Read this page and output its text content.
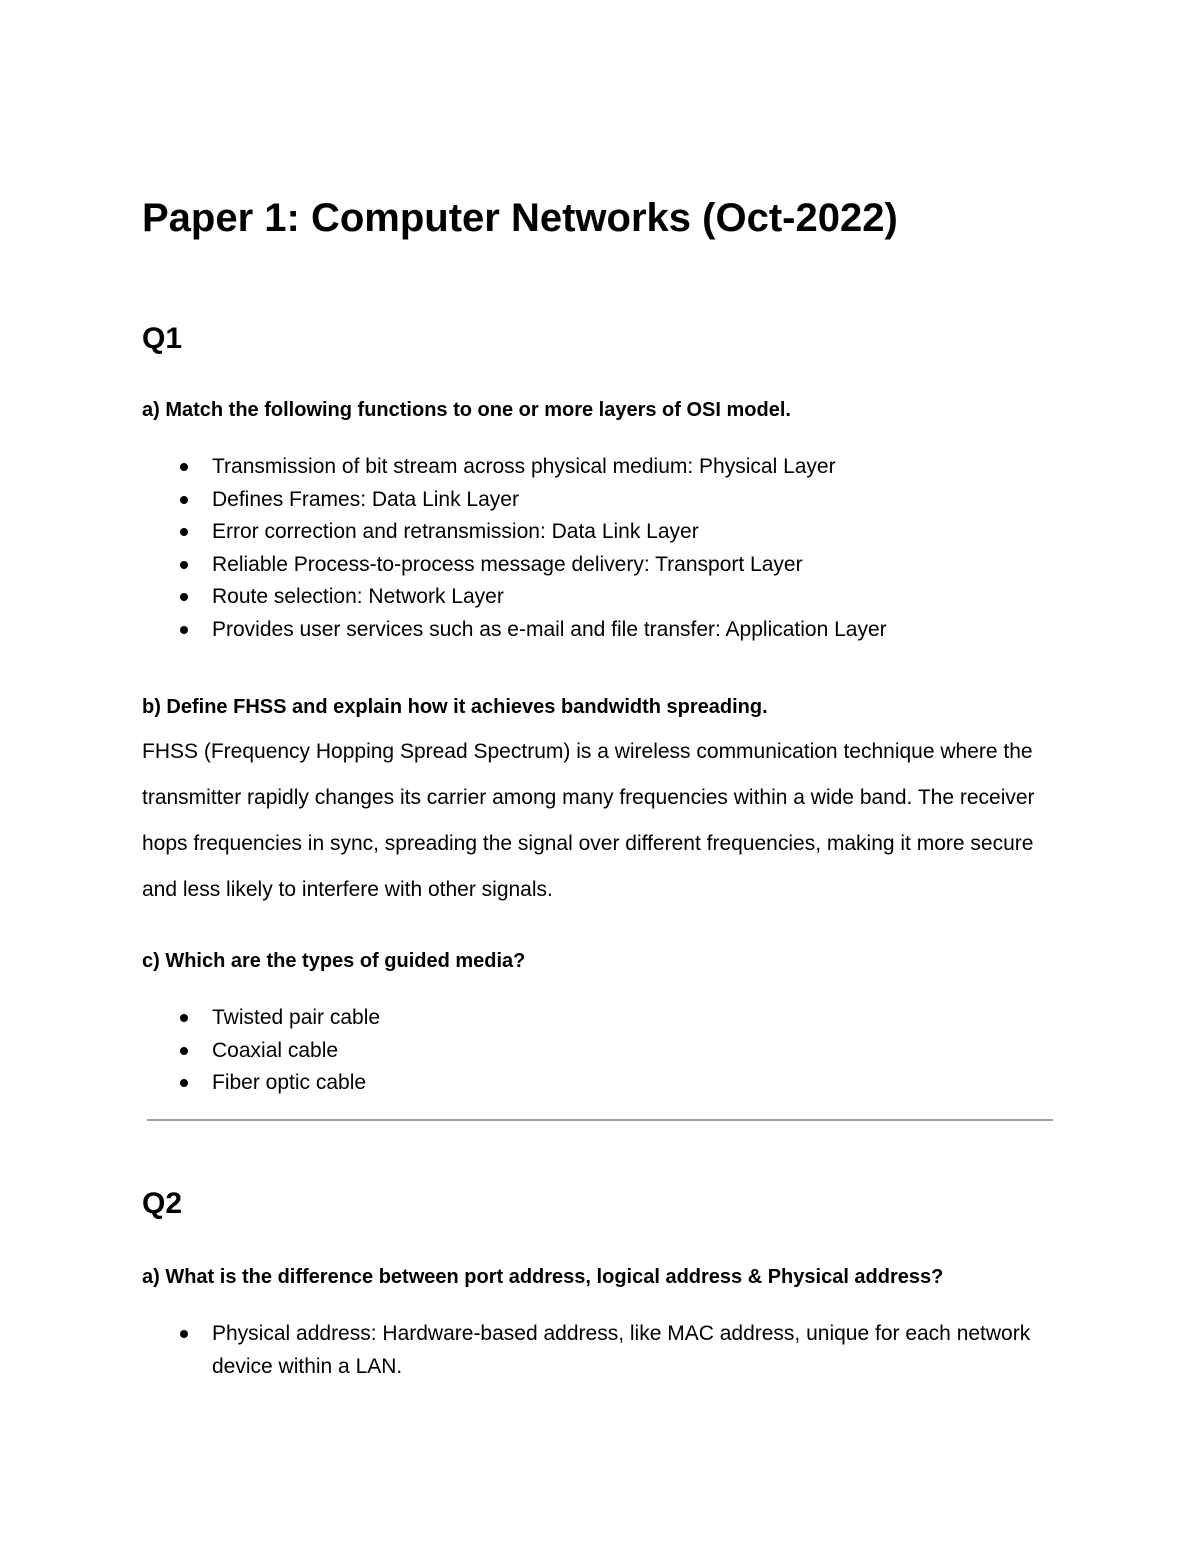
Paper 1: Computer Networks (Oct-2022)
Q1

a) Match the following functions to one or more layers of OSI model.

Transmission of bit stream across physical medium: Physical Layer
Defines Frames: Data Link Layer
Error correction and retransmission: Data Link Layer
Reliable Process-to-process message delivery: Transport Layer
Route selection: Network Layer
Provides user services such as e-mail and file transfer: Application Layer

b) Define FHSS and explain how it achieves bandwidth spreading.

FHSS (Frequency Hopping Spread Spectrum) is a wireless communication technique where the transmitter rapidly changes its carrier among many frequencies within a wide band. The receiver hops frequencies in sync, spreading the signal over different frequencies, making it more secure and less likely to interfere with other signals.

c) Which are the types of guided media?

Twisted pair cable
Coaxial cable
Fiber optic cable
Q2

a) What is the difference between port address, logical address & Physical address?

Physical address: Hardware-based address, like MAC address, unique for each network device within a LAN.
